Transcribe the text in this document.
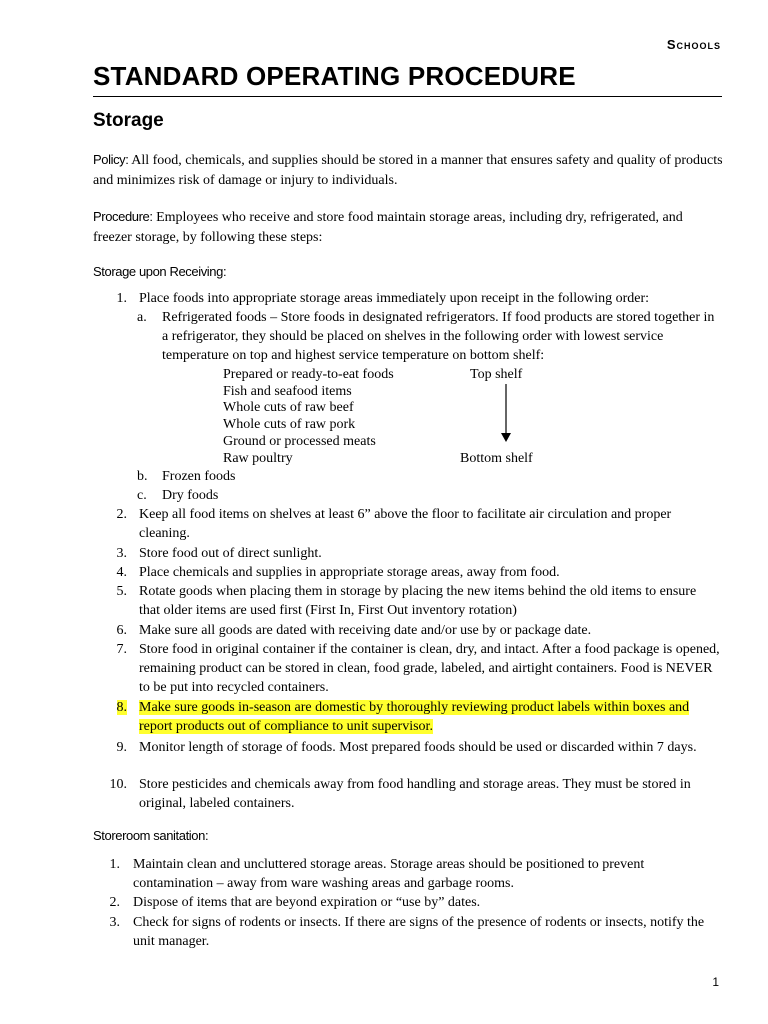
Schools
STANDARD OPERATING PROCEDURE
Storage

Policy: All food, chemicals, and supplies should be stored in a manner that ensures safety and quality of products and minimizes risk of damage or injury to individuals.

Procedure: Employees who receive and store food maintain storage areas, including dry, refrigerated, and freezer storage, by following these steps:

Storage upon Receiving:
1. Place foods into appropriate storage areas immediately upon receipt in the following order:
a. Refrigerated foods – Store foods in designated refrigerators. If food products are stored together in a refrigerator, they should be placed on shelves in the following order with lowest service temperature on top and highest service temperature on bottom shelf:
Prepared or ready-to-eat foods
Fish and seafood items
Whole cuts of raw beef
Whole cuts of raw pork
Ground or processed meats
Raw poultry
Top shelf
Bottom shelf
b. Frozen foods
c. Dry foods
2. Keep all food items on shelves at least 6” above the floor to facilitate air circulation and proper cleaning.
3. Store food out of direct sunlight.
4. Place chemicals and supplies in appropriate storage areas, away from food.
5. Rotate goods when placing them in storage by placing the new items behind the old items to ensure that older items are used first (First In, First Out inventory rotation)
6. Make sure all goods are dated with receiving date and/or use by or package date.
7. Store food in original container if the container is clean, dry, and intact. After a food package is opened, remaining product can be stored in clean, food grade, labeled, and airtight containers. Food is NEVER to be put into recycled containers.
8. Make sure goods in-season are domestic by thoroughly reviewing product labels within boxes and report products out of compliance to unit supervisor.
9. Monitor length of storage of foods. Most prepared foods should be used or discarded within 7 days.
10. Store pesticides and chemicals away from food handling and storage areas. They must be stored in original, labeled containers.
Storeroom sanitation:
1. Maintain clean and uncluttered storage areas. Storage areas should be positioned to prevent contamination – away from ware washing areas and garbage rooms.
2. Dispose of items that are beyond expiration or “use by” dates.
3. Check for signs of rodents or insects. If there are signs of the presence of rodents or insects, notify the unit manager.
1
